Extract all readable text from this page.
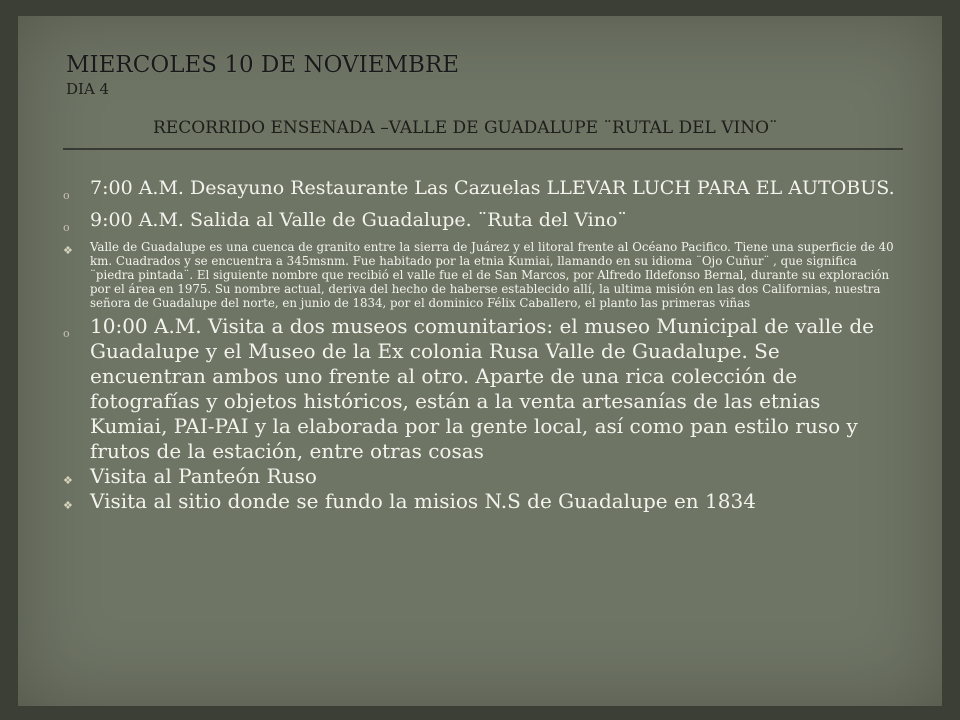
MIERCOLES 10 DE NOVIEMBRE
DIA 4
RECORRIDO ENSENADA –VALLE DE GUADALUPE ¨RUTAL DEL VINO¨
o 7:00 A.M. Desayuno Restaurante Las Cazuelas LLEVAR LUCH PARA EL AUTOBUS.
o 9:00 A.M. Salida al Valle de Guadalupe. ¨Ruta del Vino¨
❖ Valle de Guadalupe es una cuenca de granito entre la sierra de Juárez y el litoral frente al Océano Pacifico. Tiene una superficie de 40 km. Cuadrados y se encuentra a 345msnm. Fue habitado por la etnia Kumiai, llamando en su idioma ¨Ojo Cuñur¨ , que significa ¨piedra pintada¨. El siguiente nombre que recibió el valle fue el de San Marcos, por Alfredo Ildefonso Bernal, durante su exploración por el área en 1975. Su nombre actual, deriva del hecho de haberse establecido allí, la ultima misión en las dos Californias, nuestra señora de Guadalupe del norte, en junio de 1834, por el dominico Félix Caballero, el planto las primeras viñas
o 10:00 A.M. Visita a dos museos comunitarios: el museo Municipal de valle de Guadalupe y el Museo de la Ex colonia Rusa Valle de Guadalupe. Se encuentran ambos uno frente al otro. Aparte de una rica colección de fotografías y objetos históricos, están a la venta artesanías de las etnias Kumiai, PAI-PAI y la elaborada por la gente local, así como pan estilo ruso y frutos de la estación, entre otras cosas
❖ Visita al Panteón Ruso
❖ Visita al sitio donde se fundo la misios N.S de Guadalupe en 1834
